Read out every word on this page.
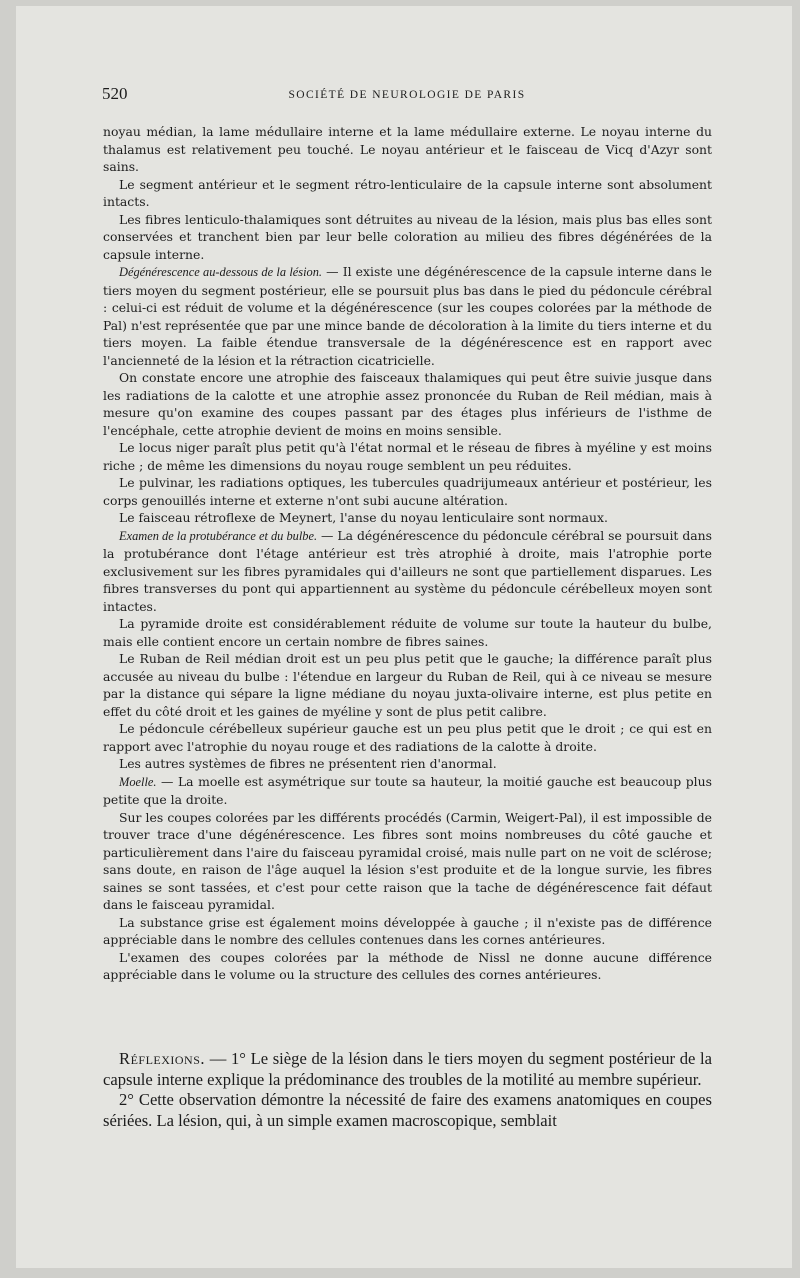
520	SOCIÉTÉ DE NEUROLOGIE DE PARIS

noyau médian, la lame médullaire interne et la lame médullaire externe. Le noyau interne du thalamus est relativement peu touché. Le noyau antérieur et le faisceau de Vicq d'Azyr sont sains.

Le segment antérieur et le segment rétro-lenticulaire de la capsule interne sont absolument intacts.

Les fibres lenticulo-thalamiques sont détruites au niveau de la lésion, mais plus bas elles sont conservées et tranchent bien par leur belle coloration au milieu des fibres dégénérées de la capsule interne.

Dégénérescence au-dessous de la lésion. — Il existe une dégénérescence de la capsule interne dans le tiers moyen du segment postérieur, elle se poursuit plus bas dans le pied du pédoncule cérébral : celui-ci est réduit de volume et la dégénérescence (sur les coupes colorées par la méthode de Pal) n'est représentée que par une mince bande de décoloration à la limite du tiers interne et du tiers moyen. La faible étendue transversale de la dégénérescence est en rapport avec l'ancienneté de la lésion et la rétraction cicatricielle.

On constate encore une atrophie des faisceaux thalamiques qui peut être suivie jusque dans les radiations de la calotte et une atrophie assez prononcée du Ruban de Reil médian, mais à mesure qu'on examine des coupes passant par des étages plus inférieurs de l'isthme de l'encéphale, cette atrophie devient de moins en moins sensible.

Le locus niger paraît plus petit qu'à l'état normal et le réseau de fibres à myéline y est moins riche ; de même les dimensions du noyau rouge semblent un peu réduites.

Le pulvinar, les radiations optiques, les tubercules quadrijumeaux antérieur et postérieur, les corps genouillés interne et externe n'ont subi aucune altération.

Le faisceau rétroflexe de Meynert, l'anse du noyau lenticulaire sont normaux.

Examen de la protubérance et du bulbe. — La dégénérescence du pédoncule cérébral se poursuit dans la protubérance dont l'étage antérieur est très atrophié à droite, mais l'atrophie porte exclusivement sur les fibres pyramidales qui d'ailleurs ne sont que partiellement disparues. Les fibres transverses du pont qui appartiennent au système du pédoncule cérébelleux moyen sont intactes.

La pyramide droite est considérablement réduite de volume sur toute la hauteur du bulbe, mais elle contient encore un certain nombre de fibres saines.

Le Ruban de Reil médian droit est un peu plus petit que le gauche; la différence paraît plus accusée au niveau du bulbe : l'étendue en largeur du Ruban de Reil, qui à ce niveau se mesure par la distance qui sépare la ligne médiane du noyau juxta-olivaire interne, est plus petite en effet du côté droit et les gaines de myéline y sont de plus petit calibre.

Le pédoncule cérébelleux supérieur gauche est un peu plus petit que le droit ; ce qui est en rapport avec l'atrophie du noyau rouge et des radiations de la calotte à droite.

Les autres systèmes de fibres ne présentent rien d'anormal.

Moelle. — La moelle est asymétrique sur toute sa hauteur, la moitié gauche est beaucoup plus petite que la droite.

Sur les coupes colorées par les différents procédés (Carmin, Weigert-Pal), il est impossible de trouver trace d'une dégénérescence. Les fibres sont moins nombreuses du côté gauche et particulièrement dans l'aire du faisceau pyramidal croisé, mais nulle part on ne voit de sclérose; sans doute, en raison de l'âge auquel la lésion s'est produite et de la longue survie, les fibres saines se sont tassées, et c'est pour cette raison que la tache de dégénérescence fait défaut dans le faisceau pyramidal.

La substance grise est également moins développée à gauche ; il n'existe pas de différence appréciable dans le nombre des cellules contenues dans les cornes antérieures.

L'examen des coupes colorées par la méthode de Nissl ne donne aucune différence appréciable dans le volume ou la structure des cellules des cornes antérieures.

Réflexions. — 1° Le siège de la lésion dans le tiers moyen du segment postérieur de la capsule interne explique la prédominance des troubles de la motilité au membre supérieur.

2° Cette observation démontre la nécessité de faire des examens anatomiques en coupes sériées. La lésion, qui, à un simple examen macroscopique, semblait
